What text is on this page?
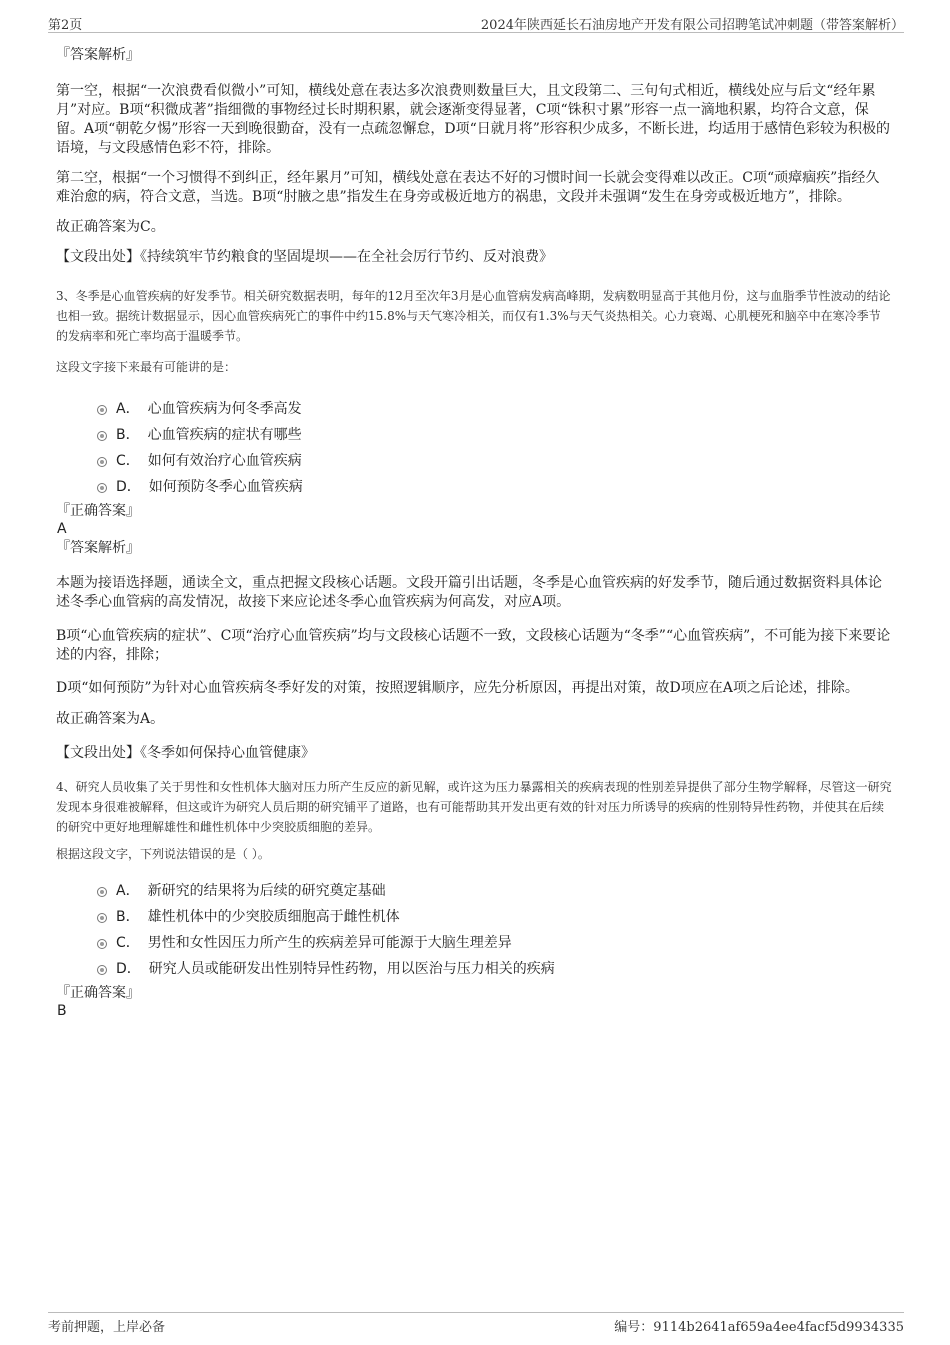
第2页	2024年陕西延长石油房地产开发有限公司招聘笔试冲刺题（带答案解析）

『答案解析』

第一空，根据“一次浪费看似微小”可知，横线处意在表达多次浪费则数量巨大，且文段第二、三句句式相近，横线处应与后文“经年累月”对应。B项“积微成著”指细微的事物经过长时期积累，就会逐渐变得显著，C项“铢积寸累”形容一点一滴地积累，均符合文意，保留。A项“朝乾夕惕”形容一天到晚很勤奋，没有一点疏忽懈怠，D项“日就月将”形容积少成多，不断长进，均适用于感情色彩较为积极的语境，与文段感情色彩不符，排除。

第二空，根据“一个习惯得不到纠正，经年累月”可知，横线处意在表达不好的习惯时间一长就会变得难以改正。C项“顽瘴痼疾”指经久难治愈的病，符合文意，当选。B项“肘腋之患”指发生在身旁或极近地方的祸患，文段并未强调“发生在身旁或极近地方”，排除。

故正确答案为C。

【文段出处】《持续筑牢节约粮食的坚固堤坝——在全社会厉行节约、反对浪费》

3、冬季是心血管疾病的好发季节。相关研究数据表明，每年的12月至次年3月是心血管病发病高峰期，发病数明显高于其他月份，这与血脂季节性波动的结论也相一致。据统计数据显示，因心血管疾病死亡的事件中约15.8%与天气寒冷相关，而仅有1.3%与天气炎热相关。心力衰竭、心肌梗死和脑卒中在寒冷季节的发病率和死亡率均高于温暖季节。

这段文字接下来最有可能讲的是：

A． 心血管疾病为何冬季高发
B． 心血管疾病的症状有哪些
C． 如何有效治疗心血管疾病
D． 如何预防冬季心血管疾病

『正确答案』

A

『答案解析』

本题为接语选择题，通读全文，重点把握文段核心话题。文段开篇引出话题，冬季是心血管疾病的好发季节，随后通过数据资料具体论述冬季心血管病的高发情况，故接下来应论述冬季心血管疾病为何高发，对应A项。

B项“心血管疾病的症状”、C项“治疗心血管疾病”均与文段核心话题不一致，文段核心话题为“冬季”“心血管疾病”，不可能为接下来要论述的内容，排除；

D项“如何预防”为针对心血管疾病冬季好发的对策，按照逻辑顺序，应先分析原因，再提出对策，故D项应在A项之后论述，排除。

故正确答案为A。

【文段出处】《冬季如何保持心血管健康》

4、研究人员收集了关于男性和女性机体大脑对压力所产生反应的新见解，或许这为压力暴露相关的疾病表现的性别差异提供了部分生物学解释，尽管这一研究发现本身很难被解释，但这或许为研究人员后期的研究铺平了道路，也有可能帮助其开发出更有效的针对压力所诱导的疾病的性别特异性药物，并使其在后续的研究中更好地理解雄性和雌性机体中少突胶质细胞的差异。

根据这段文字，下列说法错误的是（ ）。

A． 新研究的结果将为后续的研究奠定基础
B． 雄性机体中的少突胶质细胞高于雌性机体
C． 男性和女性因压力所产生的疾病差异可能源于大脑生理差异
D． 研究人员或能研发出性别特异性药物，用以医治与压力相关的疾病

『正确答案』

B

考前押题，上岸必备	编号：9114b2641af659a4ee4facf5d9934335
